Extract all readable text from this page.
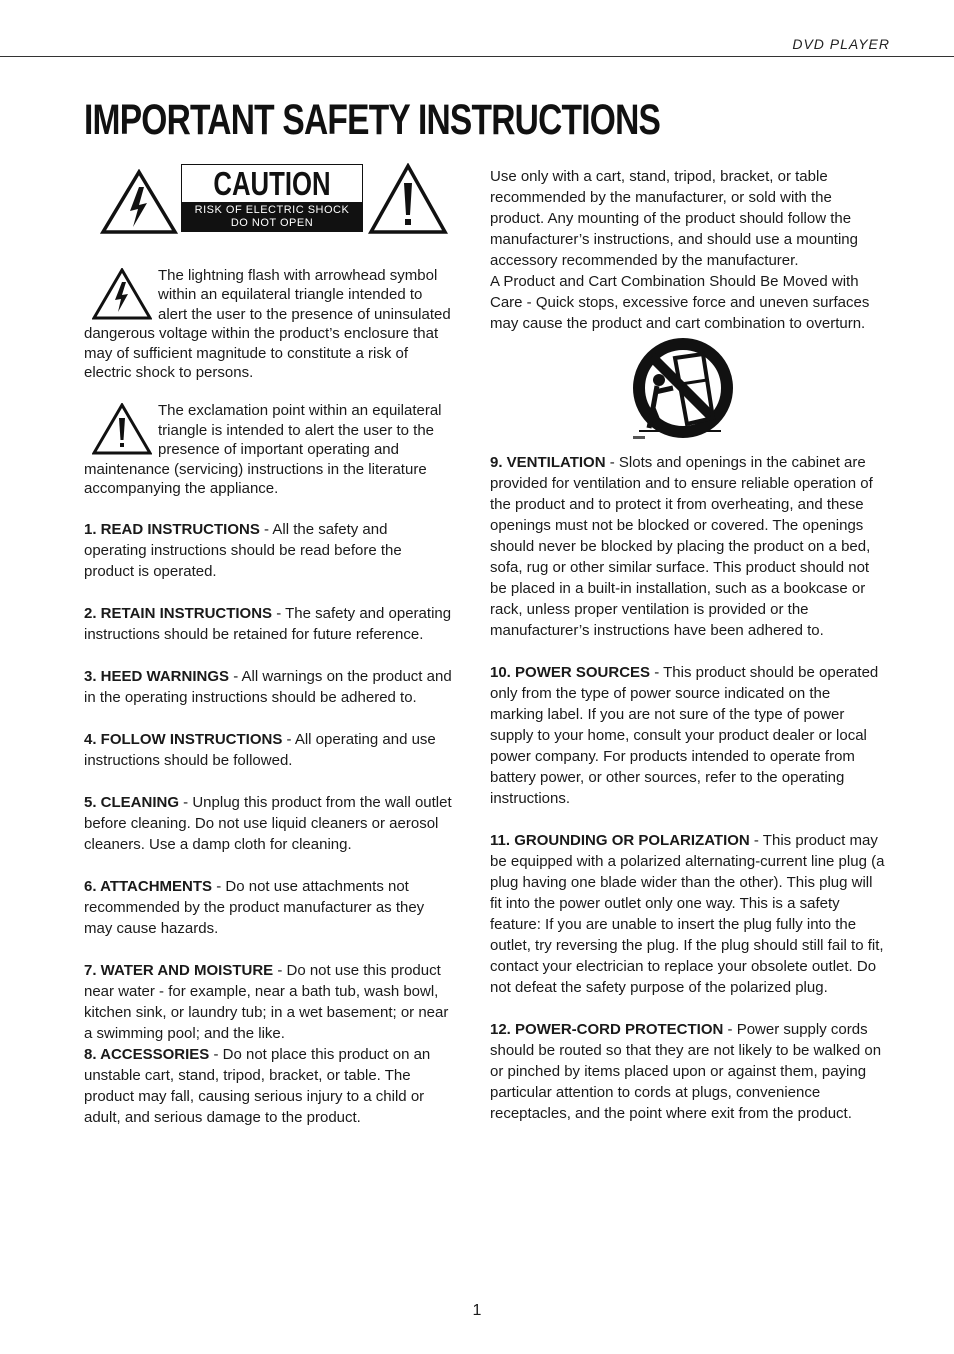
DVD PLAYER
IMPORTANT SAFETY INSTRUCTIONS
CAUTION
RISK OF ELECTRIC SHOCK
DO NOT OPEN

The lightning flash with arrowhead symbol within an equilateral triangle intended to alert the user to the presence of uninsulated dangerous voltage within the product’s enclosure that may of sufficient magnitude to constitute a risk of electric shock to persons.

The exclamation point within an equilateral triangle is intended to alert the user to the presence of important operating and maintenance (servicing) instructions in the literature accompanying the appliance.

1. READ INSTRUCTIONS - All the safety and operating instructions should be read before the product is operated.

2. RETAIN INSTRUCTIONS - The safety and operating instructions should be retained for future reference.

3. HEED WARNINGS - All warnings on the product and in the operating instructions should be adhered to.

4. FOLLOW INSTRUCTIONS - All operating and use instructions should be followed.

5. CLEANING - Unplug this product from the wall outlet before cleaning. Do not use liquid cleaners or aerosol cleaners. Use a damp cloth for cleaning.

6. ATTACHMENTS - Do not use attachments not recommended by the product manufacturer as they may cause hazards.

7. WATER AND MOISTURE - Do not use this product near water - for example, near a bath tub, wash bowl, kitchen sink, or laundry tub; in a wet basement; or near a swimming pool; and the like.

8. ACCESSORIES - Do not place this product on an unstable cart, stand, tripod, bracket, or table. The product may fall, causing serious injury to a child or adult, and serious damage to the product.

Use only with a cart, stand, tripod, bracket, or table recommended by the manufacturer, or sold with the product. Any mounting of the product should follow the manufacturer’s instructions, and should use a mounting accessory recommended by the manufacturer.

A Product and Cart Combination Should Be Moved with Care - Quick stops, excessive force and uneven surfaces may cause the product and cart combination to overturn.

9. VENTILATION - Slots and openings in the cabinet are provided for ventilation and to ensure reliable operation of the product and to protect it from overheating, and these openings must not be blocked or covered. The openings should never be blocked by placing the product on a bed, sofa, rug or other similar surface. This product should not be placed in a built-in installation, such as a bookcase or rack, unless proper ventilation is provided or the manufacturer’s instructions have been adhered to.

10. POWER SOURCES - This product should be operated only from the type of power source indicated on the marking label. If you are not sure of the type of power supply to your home, consult your product dealer or local power company. For products intended to operate from battery power, or other sources, refer to the operating instructions.

11. GROUNDING OR POLARIZATION - This product may be equipped with a polarized alternating-current line plug (a plug having one blade wider than the other). This plug will fit into the power outlet only one way. This is a safety feature: If you are unable to insert the plug fully into the outlet, try reversing the plug. If the plug should still fail to fit, contact your electrician to replace your obsolete outlet. Do not defeat the safety purpose of the polarized plug.

12. POWER-CORD PROTECTION - Power supply cords should be routed so that they are not likely to be walked on or pinched by items placed upon or against them, paying particular attention to cords at plugs, convenience receptacles, and the point where exit from the product.

1
